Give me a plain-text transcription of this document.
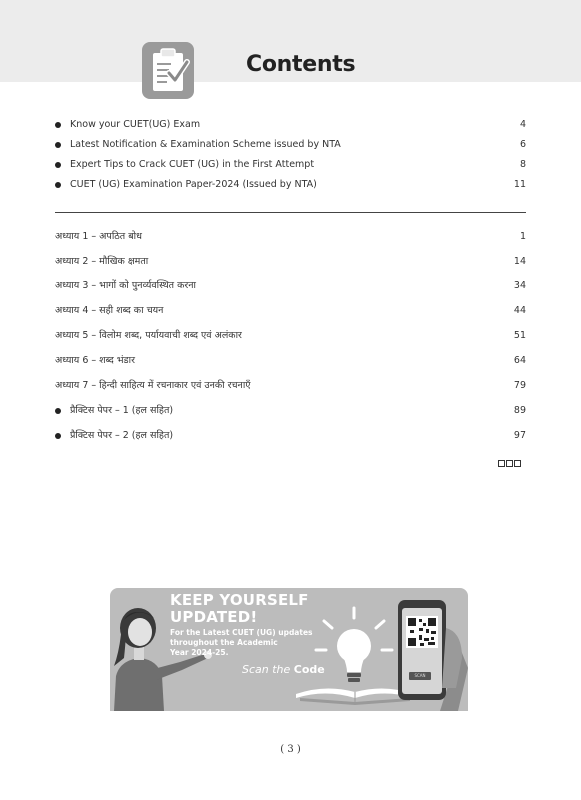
Contents
Know your CUET(UG) Exam	4
Latest Notification & Examination Scheme issued by NTA	6
Expert Tips to Crack CUET (UG) in the First Attempt	8
CUET (UG) Examination Paper-2024 (Issued by NTA)	11
अध्याय 1 – अपठित बोध	1
अध्याय 2 – मौखिक क्षमता	14
अध्याय 3 – भागों को पुनर्व्यवस्थित करना	34
अध्याय 4 – सही शब्द का चयन	44
अध्याय 5 – विलोम शब्द, पर्यायवाची शब्द एवं अलंकार	51
अध्याय 6 – शब्द भंडार	64
अध्याय 7 – हिन्दी साहित्य में रचनाकार एवं उनकी रचनाएँ	79
प्रैक्टिस पेपर – 1 (हल सहित)	89
प्रैक्टिस पेपर – 2 (हल सहित)	97
KEEP YOURSELF
UPDATED!
For the Latest CUET (UG) updates
throughout the Academic
Year 2024-25.
Scan the Code	SCAN
( 3 )
